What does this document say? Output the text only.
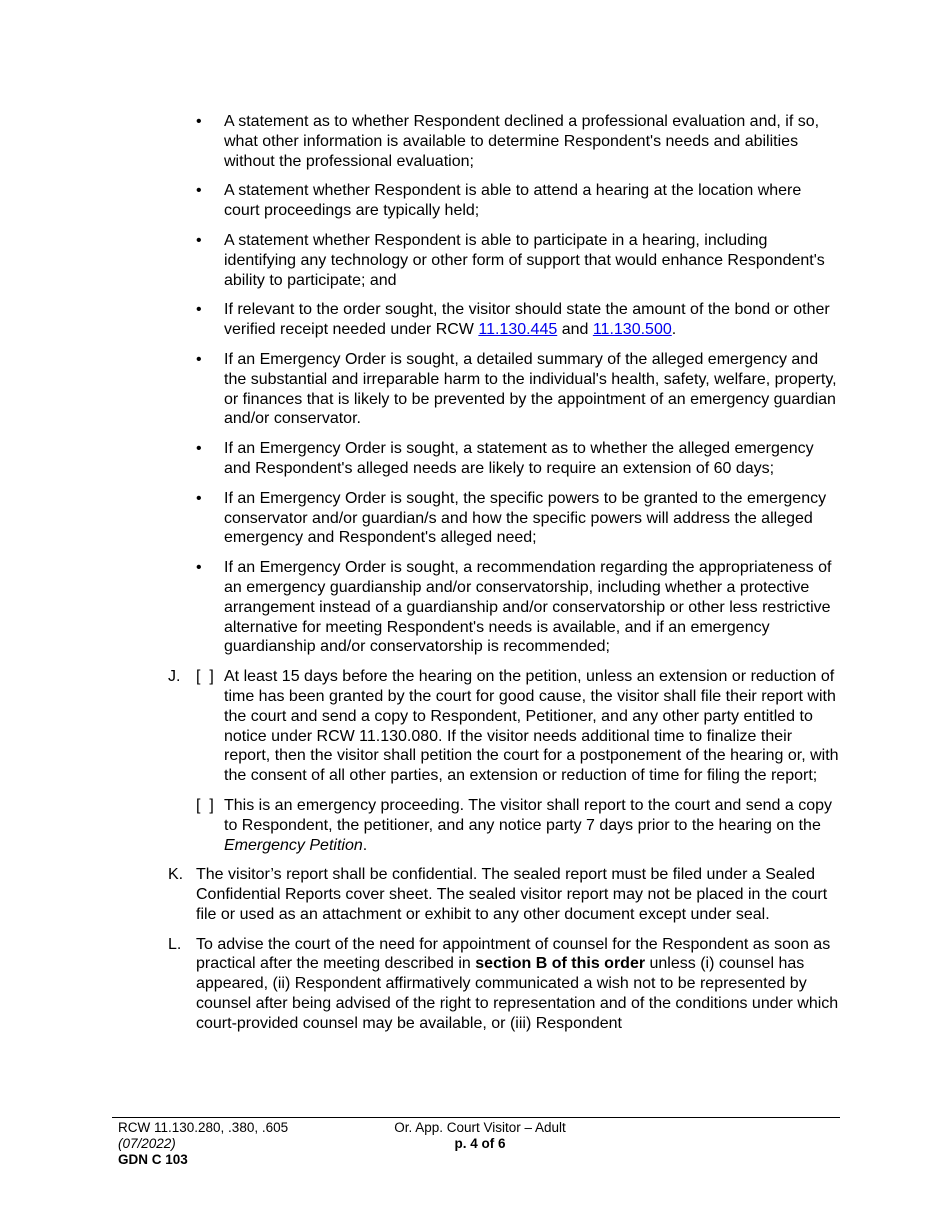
•
A statement as to whether Respondent declined a professional evaluation and, if so, what other information is available to determine Respondent's needs and abilities without the professional evaluation;
•
A statement whether Respondent is able to attend a hearing at the location where court proceedings are typically held;
•
A statement whether Respondent is able to participate in a hearing, including identifying any technology or other form of support that would enhance Respondent's ability to participate; and
•
If relevant to the order sought, the visitor should state the amount of the bond or other verified receipt needed under RCW 11.130.445 and 11.130.500.
•
If an Emergency Order is sought, a detailed summary of the alleged emergency and the substantial and irreparable harm to the individual's health, safety, welfare, property, or finances that is likely to be prevented by the appointment of an emergency guardian and/or conservator.
•
If an Emergency Order is sought, a statement as to whether the alleged emergency and Respondent's alleged needs are likely to require an extension of 60 days;
•
If an Emergency Order is sought, the specific powers to be granted to the emergency conservator and/or guardian/s and how the specific powers will address the alleged emergency and Respondent's alleged need;
•
If an Emergency Order is sought, a recommendation regarding the appropriateness of an emergency guardianship and/or conservatorship, including whether a protective arrangement instead of a guardianship and/or conservatorship or other less restrictive alternative for meeting Respondent's needs is available, and if an emergency guardianship and/or conservatorship is recommended;
J. [  ] At least 15 days before the hearing on the petition, unless an extension or reduction of time has been granted by the court for good cause, the visitor shall file their report with the court and send a copy to Respondent, Petitioner, and any other party entitled to notice under RCW 11.130.080. If the visitor needs additional time to finalize their report, then the visitor shall petition the court for a postponement of the hearing or, with the consent of all other parties, an extension or reduction of time for filing the report;
[  ] This is an emergency proceeding. The visitor shall report to the court and send a copy to Respondent, the petitioner, and any notice party 7 days prior to the hearing on the Emergency Petition.
K. The visitor’s report shall be confidential. The sealed report must be filed under a Sealed Confidential Reports cover sheet. The sealed visitor report may not be placed in the court file or used as an attachment or exhibit to any other document except under seal.
L. To advise the court of the need for appointment of counsel for the Respondent as soon as practical after the meeting described in section B of this order unless (i) counsel has appeared, (ii) Respondent affirmatively communicated a wish not to be represented by counsel after being advised of the right to representation and of the conditions under which court-provided counsel may be available, or (iii) Respondent
RCW 11.130.280, .380, .605
(07/2022)
GDN C 103
Or. App. Court Visitor – Adult
p. 4 of 6
